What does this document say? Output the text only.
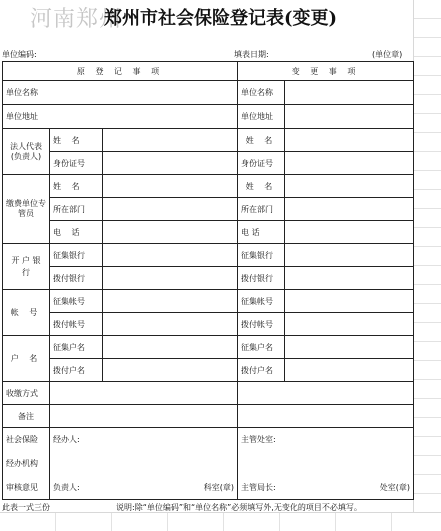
河南郑州
郑州市社会保险登记表(变更)
单位编码:	填表日期:	(单位章)
原 登 记 事 项			变 更 事 项	
单位名称			单位名称	
单位地址			单位地址	
法人代表(负责人)	姓 名		姓 名	
	身份证号		身份证号	
缴费单位专管员	姓 名		姓 名	
	所在部门		所在部门	
	电 话		电 话	
开 户 银 行	征集银行		征集银行	
	拨付银行		拨付银行	
帐 号	征集帐号		征集帐号	
	拨付帐号		拨付帐号	
户 名	征集户名		征集户名	
	拨付户名		拨付户名	
收缴方式				
备注				
社会保险	经办人:		主管处室:	
经办机构				
审核意见	负责人: 科室(章)		主管局长: 处室(章)	
此表一式三份	说明:除“单位编码”和“单位名称”必须填写外,无变化的项目不必填写。
